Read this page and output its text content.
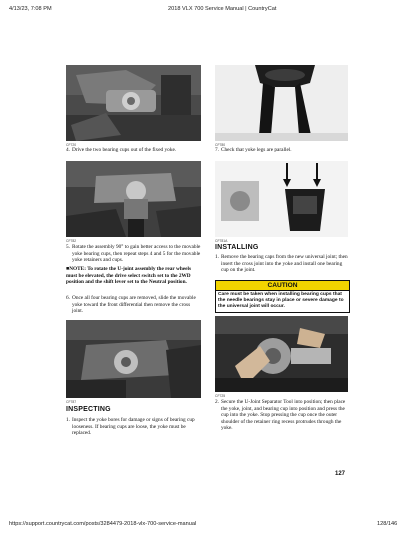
4/13/23, 7:08 PM	2018 VLX 700 Service Manual | CountryCat
CF720
4. Drive the two bearing cups out of the fixed yoke.
CF780
7. Check that yoke legs are parallel.
CF782
5. Rotate the assembly 90° to gain better access to the movable yoke bearing cups, then repeat steps 4 and 5 for the movable yoke retainers and cups.
■NOTE: To rotate the U-joint assembly the rear wheels must be elevated, the drive select switch set to the 2WD position and the shift lever set to the Neutral position.
6. Once all four bearing cups are removed, slide the movable yoke toward the front differential then remove the cross joint.
CF781A
INSTALLING
1. Remove the bearing caps from the new universal joint; then insert the cross joint into the yoke and install one bearing cup on the joint.
CAUTION
Care must be taken when installing bearing cups that the needle bearings stay in place or severe damage to the universal joint will occur.
CF787
INSPECTING
1. Inspect the yoke bores for damage or signs of bearing cup looseness. If bearing cups are loose, the yoke must be replaced.
CF725
2. Secure the U-Joint Separator Tool into position; then place the yoke, joint, and bearing cup into position and press the cup into the yoke. Stop pressing the cup once the outer shoulder of the retainer ring recess protrudes through the yoke.
127
https://support.countrycat.com/posts/3284479-2018-vlx-700-service-manual	128/146
